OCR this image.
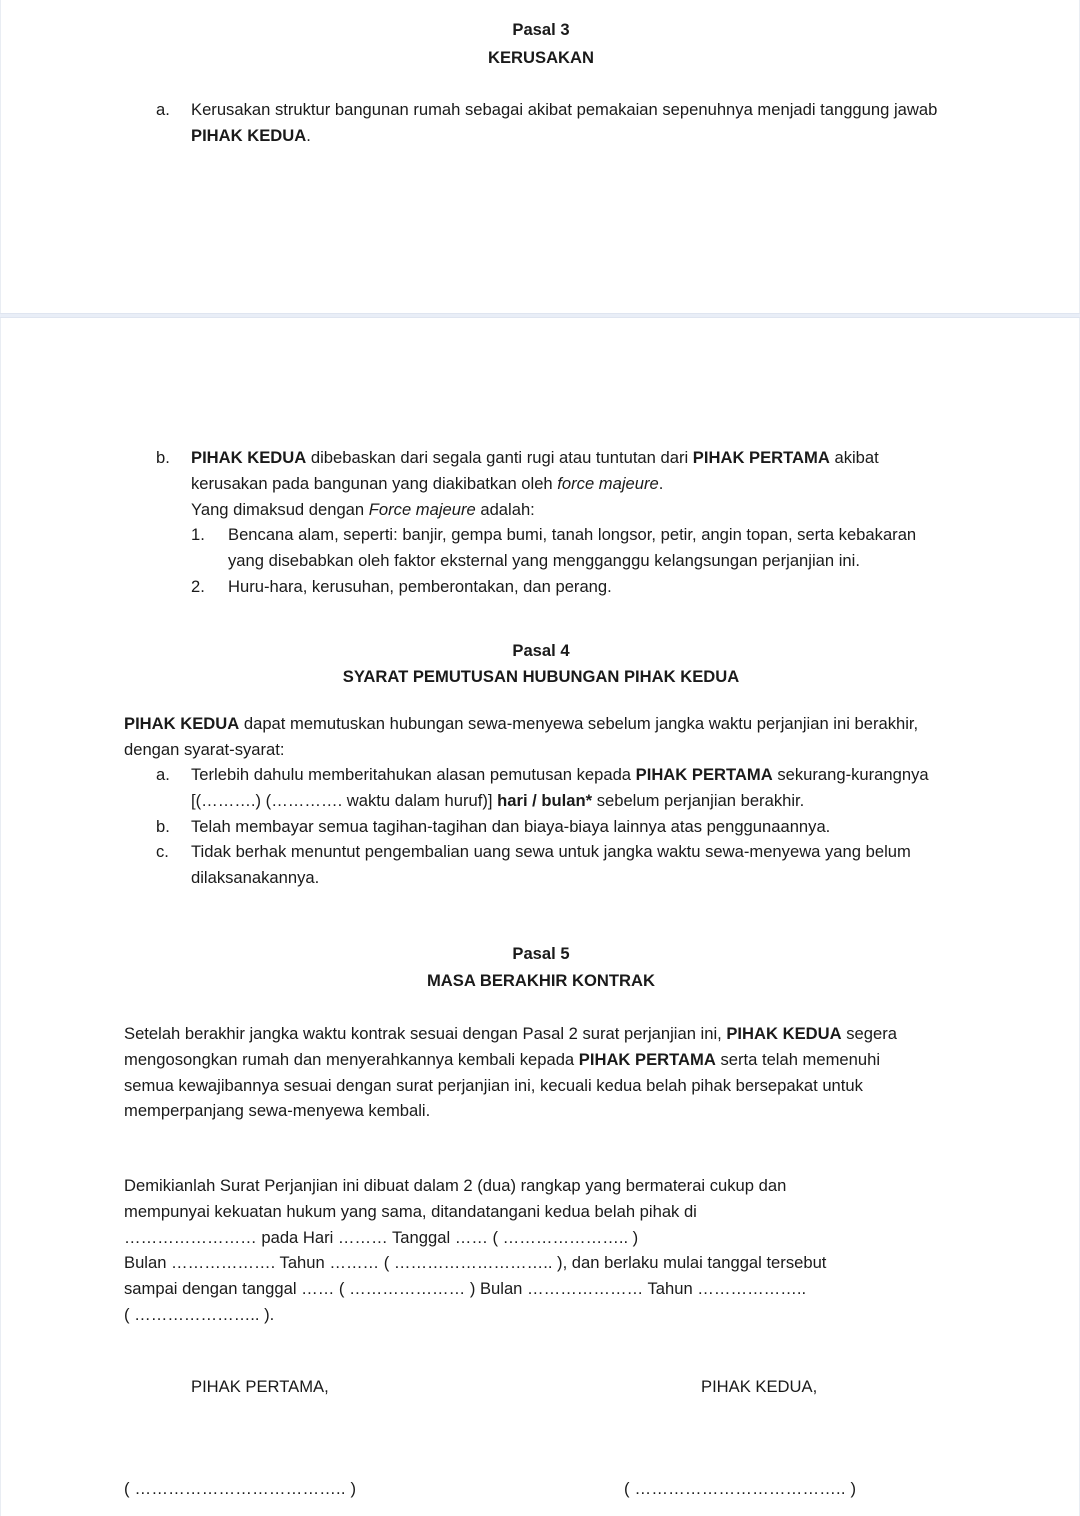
Pasal 3
KERUSAKAN
a.	Kerusakan struktur bangunan rumah sebagai akibat pemakaian sepenuhnya menjadi tanggung jawab PIHAK KEDUA.
b.	PIHAK KEDUA dibebaskan dari segala ganti rugi atau tuntutan dari PIHAK PERTAMA akibat kerusakan pada bangunan yang diakibatkan oleh force majeure.
Yang dimaksud dengan Force majeure adalah:
1.	Bencana alam, seperti: banjir, gempa bumi, tanah longsor, petir, angin topan, serta kebakaran yang disebabkan oleh faktor eksternal yang mengganggu kelangsungan perjanjian ini.
2.	Huru-hara, kerusuhan, pemberontakan, dan perang.
Pasal 4
SYARAT PEMUTUSAN HUBUNGAN PIHAK KEDUA
PIHAK KEDUA dapat memutuskan hubungan sewa-menyewa sebelum jangka waktu perjanjian ini berakhir, dengan syarat-syarat:
a.	Terlebih dahulu memberitahukan alasan pemutusan kepada PIHAK PERTAMA sekurang-kurangnya [(……….) (…………. waktu dalam huruf)] hari / bulan* sebelum perjanjian berakhir.
b.	Telah membayar semua tagihan-tagihan dan biaya-biaya lainnya atas penggunaannya.
c.	Tidak berhak menuntut pengembalian uang sewa untuk jangka waktu sewa-menyewa yang belum dilaksanakannya.
Pasal 5
MASA BERAKHIR KONTRAK
Setelah berakhir jangka waktu kontrak sesuai dengan Pasal 2 surat perjanjian ini, PIHAK KEDUA segera mengosongkan rumah dan menyerahkannya kembali kepada PIHAK PERTAMA serta telah memenuhi semua kewajibannya sesuai dengan surat perjanjian ini, kecuali kedua belah pihak bersepakat untuk memperpanjang sewa-menyewa kembali.
Demikianlah Surat Perjanjian ini dibuat dalam 2 (dua) rangkap yang bermaterai cukup dan
mempunyai kekuatan hukum yang sama, ditandatangani kedua belah pihak di
…………………… pada Hari ……… Tanggal …… ( ………………….. )
Bulan ………………. Tahun ……… ( ……………………….. ), dan berlaku mulai tanggal tersebut
sampai dengan tanggal …… ( ………………… ) Bulan ………………… Tahun ………………..
( ………………….. ).
PIHAK PERTAMA,	PIHAK KEDUA,
( ……………………………….. )	( ……………………………….. )
